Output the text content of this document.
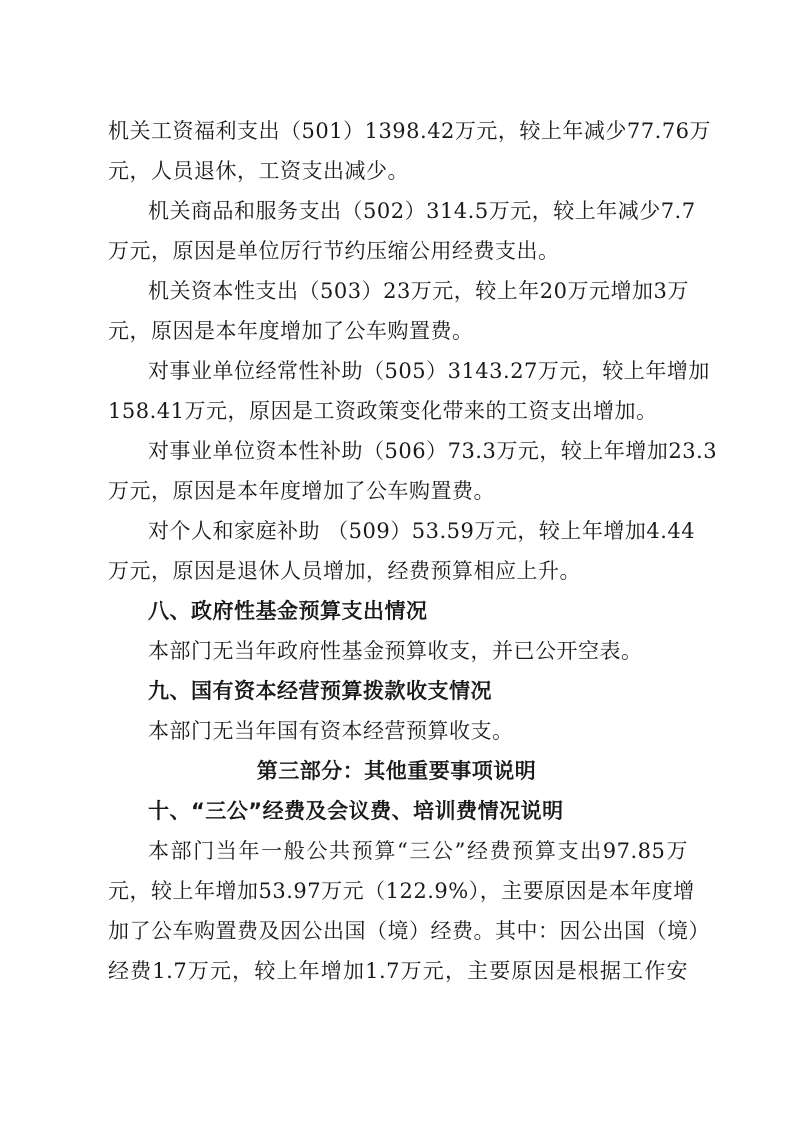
机关工资福利支出（501）1398.42万元，较上年减少77.76万
元，人员退休，工资支出减少。
机关商品和服务支出（502）314.5万元，较上年减少7.7
万元，原因是单位厉行节约压缩公用经费支出。
机关资本性支出（503）23万元，较上年20万元增加3万
元，原因是本年度增加了公车购置费。
对事业单位经常性补助（505）3143.27万元，较上年增加
158.41万元，原因是工资政策变化带来的工资支出增加。
对事业单位资本性补助（506）73.3万元，较上年增加23.3
万元，原因是本年度增加了公车购置费。
对个人和家庭补助 （509）53.59万元，较上年增加4.44
万元，原因是退休人员增加，经费预算相应上升。
八、政府性基金预算支出情况
本部门无当年政府性基金预算收支，并已公开空表。
九、国有资本经营预算拨款收支情况
本部门无当年国有资本经营预算收支。
第三部分：其他重要事项说明
十、“三公”经费及会议费、培训费情况说明
本部门当年一般公共预算“三公”经费预算支出97.85万
元，较上年增加53.97万元（122.9%），主要原因是本年度增
加了公车购置费及因公出国（境）经费。其中：因公出国（境）
经费1.7万元，较上年增加1.7万元，主要原因是根据工作安
